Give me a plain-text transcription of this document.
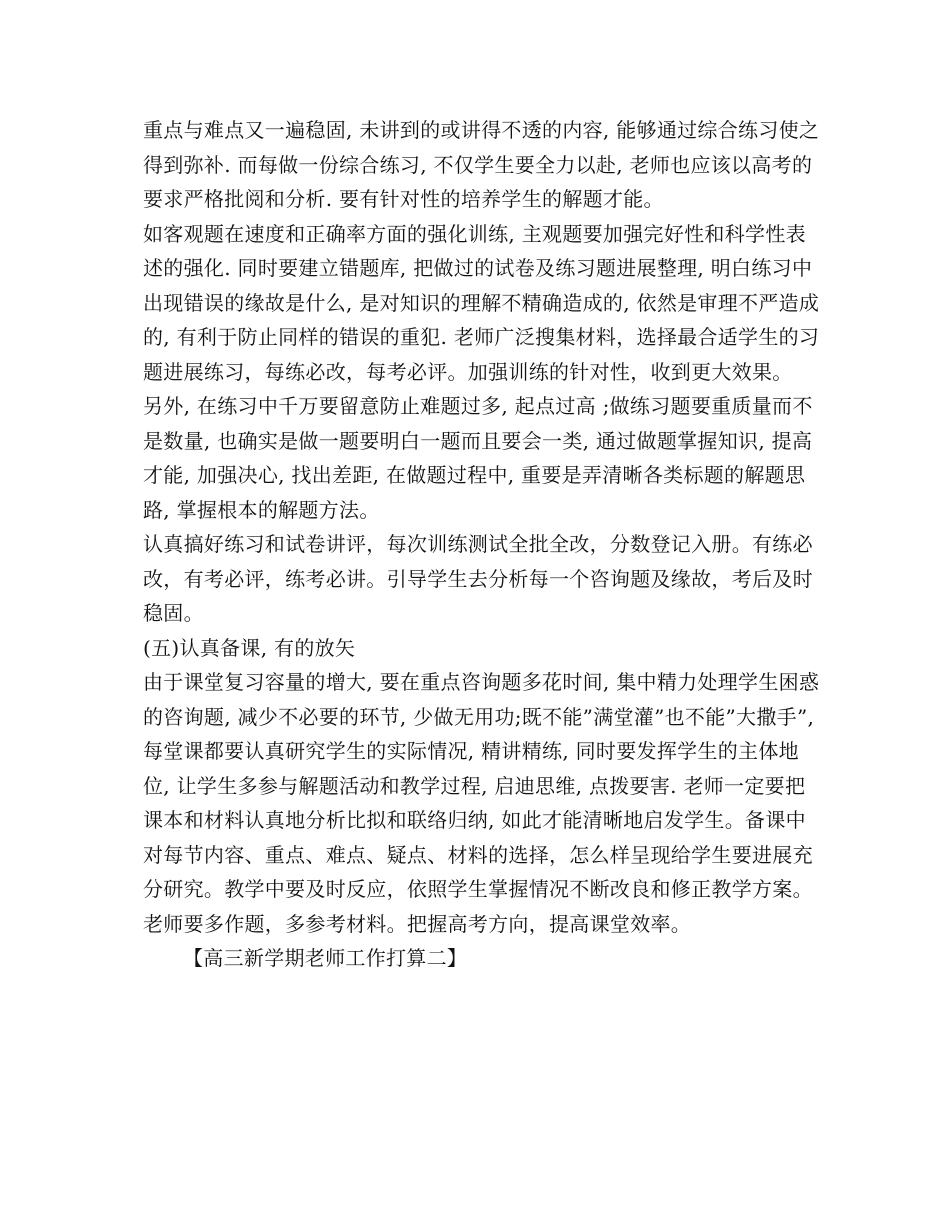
重点与难点又一遍稳固, 未讲到的或讲得不透的内容, 能够通过综合练习使之得到弥补. 而每做一份综合练习, 不仅学生要全力以赴, 老师也应该以高考的要求严格批阅和分析. 要有针对性的培养学生的解题才能。

如客观题在速度和正确率方面的强化训练, 主观题要加强完好性和科学性表述的强化. 同时要建立错题库, 把做过的试卷及练习题进展整理, 明白练习中出现错误的缘故是什么, 是对知识的理解不精确造成的, 依然是审理不严造成的, 有利于防止同样的错误的重犯. 老师广泛搜集材料，选择最合适学生的习题进展练习，每练必改，每考必评。加强训练的针对性，收到更大效果。

另外, 在练习中千万要留意防止难题过多, 起点过高 ;做练习题要重质量而不是数量, 也确实是做一题要明白一题而且要会一类, 通过做题掌握知识, 提高才能, 加强决心, 找出差距, 在做题过程中, 重要是弄清晰各类标题的解题思路, 掌握根本的解题方法。

认真搞好练习和试卷讲评，每次训练测试全批全改，分数登记入册。有练必改，有考必评，练考必讲。引导学生去分析每一个咨询题及缘故，考后及时稳固。

(五)认真备课, 有的放矢

由于课堂复习容量的增大, 要在重点咨询题多花时间, 集中精力处理学生困惑的咨询题, 减少不必要的环节, 少做无用功;既不能”满堂灌”也不能”大撒手”, 每堂课都要认真研究学生的实际情况, 精讲精练, 同时要发挥学生的主体地位, 让学生多参与解题活动和教学过程, 启迪思维, 点拨要害. 老师一定要把课本和材料认真地分析比拟和联络归纳, 如此才能清晰地启发学生。备课中对每节内容、重点、难点、疑点、材料的选择，怎么样呈现给学生要进展充分研究。教学中要及时反应，依照学生掌握情况不断改良和修正教学方案。老师要多作题，多参考材料。把握高考方向，提高课堂效率。

【高三新学期老师工作打算二】
